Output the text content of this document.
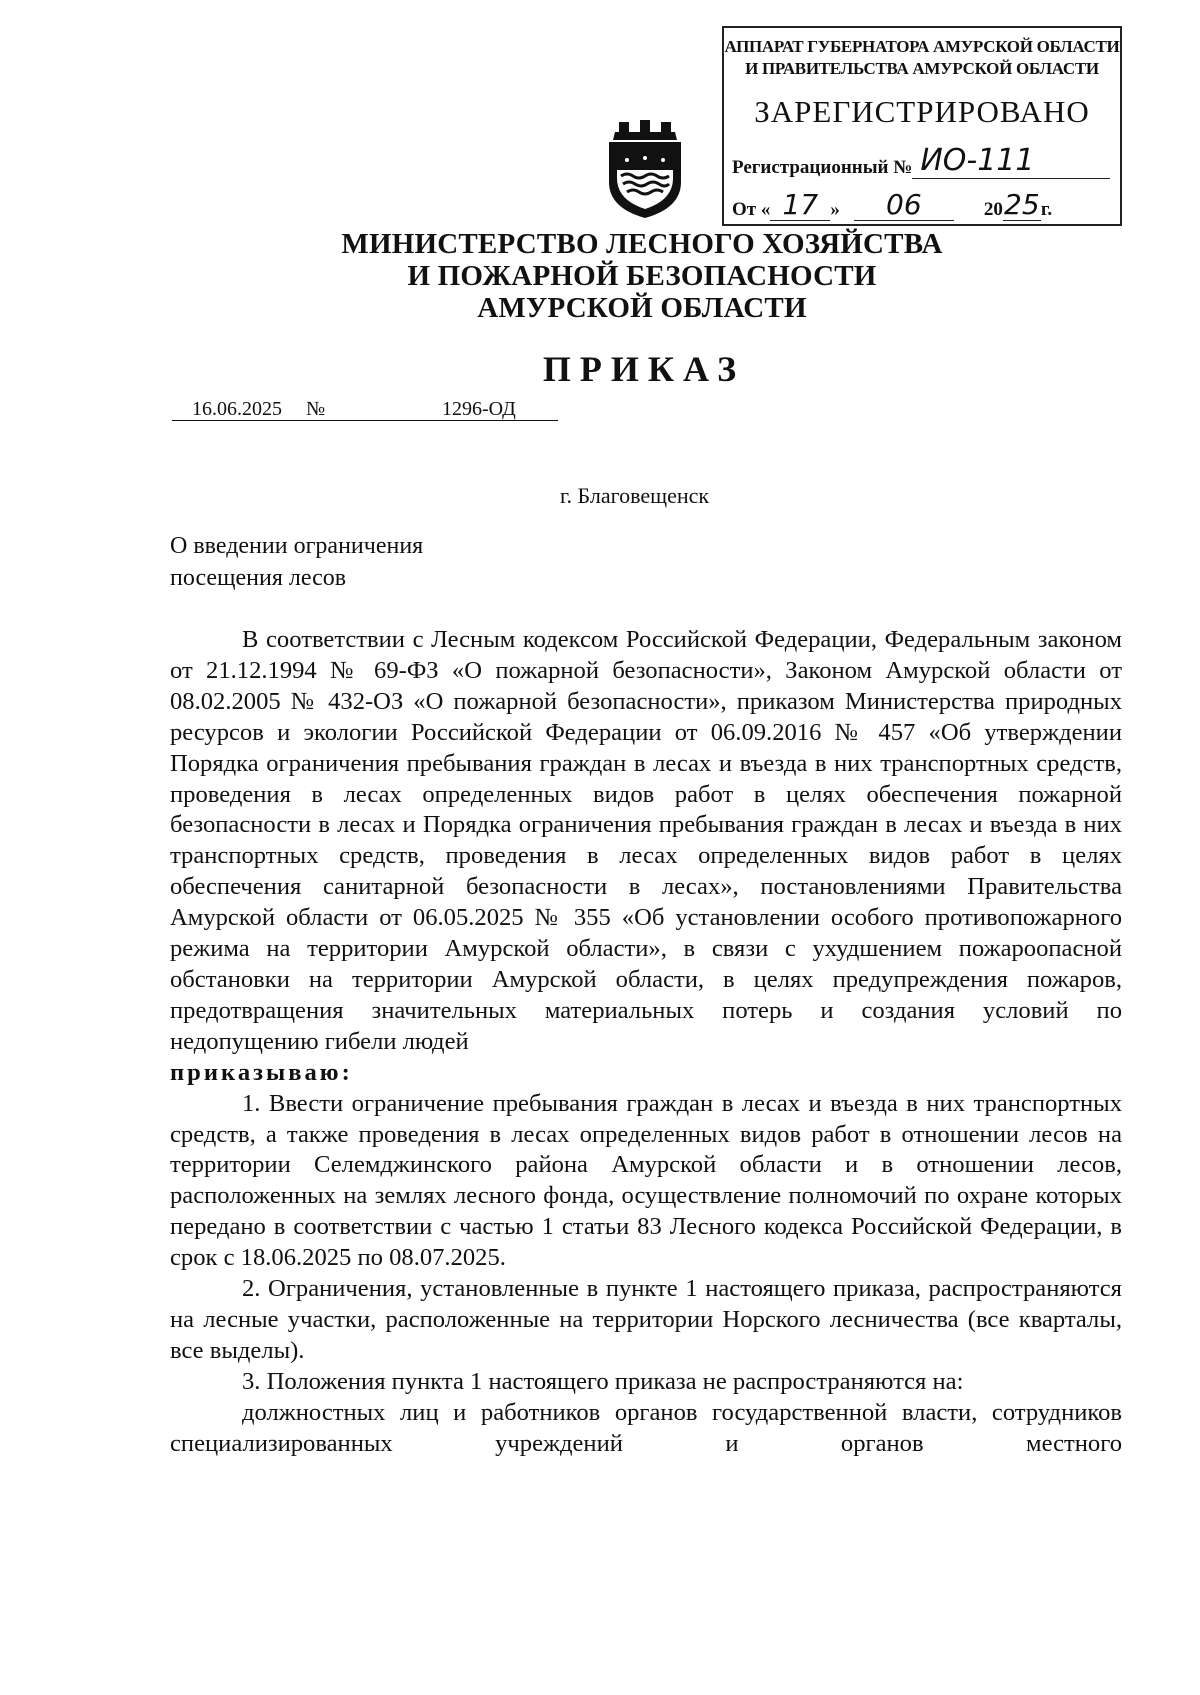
АППАРАТ ГУБЕРНАТОРА АМУРСКОЙ ОБЛАСТИ
И ПРАВИТЕЛЬСТВА АМУРСКОЙ ОБЛАСТИ
ЗАРЕГИСТРИРОВАНО
Регистрационный № ИО-111
От « 17 » 06	2025г.
МИНИСТЕРСТВО ЛЕСНОГО ХОЗЯЙСТВА
И ПОЖАРНОЙ БЕЗОПАСНОСТИ
АМУРСКОЙ ОБЛАСТИ
ПРИКАЗ
16.06.2025 №	1296-ОД
г. Благовещенск
О введении ограничения
посещения лесов

В соответствии с Лесным кодексом Российской Федерации, Федеральным законом от 21.12.1994 № 69-ФЗ «О пожарной безопасности», Законом Амурской области от 08.02.2005 № 432-ОЗ «О пожарной безопасности», приказом Министерства природных ресурсов и экологии Российской Федерации от 06.09.2016 № 457 «Об утверждении Порядка ограничения пребывания граждан в лесах и въезда в них транспортных средств, проведения в лесах определенных видов работ в целях обеспечения пожарной безопасности в лесах и Порядка ограничения пребывания граждан в лесах и въезда в них транспортных средств, проведения в лесах определенных видов работ в целях обеспечения санитарной безопасности в лесах», постановлениями Правительства Амурской области от 06.05.2025 № 355 «Об установлении особого противопожарного режима на территории Амурской области», в связи с ухудшением пожароопасной обстановки на территории Амурской области, в целях предупреждения пожаров, предотвращения значительных материальных потерь и создания условий по недопущению гибели людей

приказываю:

1. Ввести ограничение пребывания граждан в лесах и въезда в них транспортных средств, а также проведения в лесах определенных видов работ в отношении лесов на территории Селемджинского района Амурской области и в отношении лесов, расположенных на землях лесного фонда, осуществление полномочий по охране которых передано в соответствии с частью 1 статьи 83 Лесного кодекса Российской Федерации, в срок с 18.06.2025 по 08.07.2025.

2. Ограничения, установленные в пункте 1 настоящего приказа, распространяются на лесные участки, расположенные на территории Норского лесничества (все кварталы, все выделы).

3. Положения пункта 1 настоящего приказа не распространяются на:

должностных лиц и работников органов государственной власти, сотрудников специализированных учреждений и органов местного
